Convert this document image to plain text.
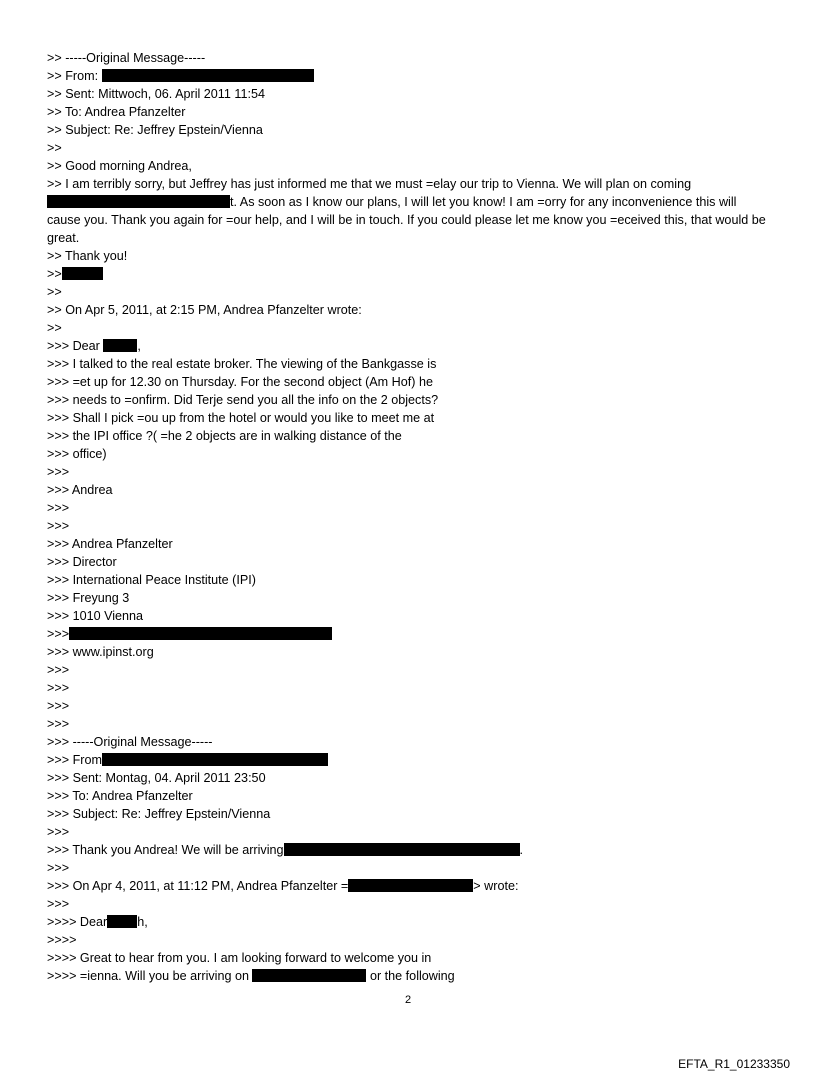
>> -----Original Message-----
>> From:
>> Sent: Mittwoch, 06. April 2011 11:54
>> To: Andrea Pfanzelter
>> Subject: Re: Jeffrey Epstein/Vienna
>>
>> Good morning Andrea,
>> I am terribly sorry, but Jeffrey has just informed me that we must =elay our trip to Vienna. We will plan on coming
t. As soon as I know our plans, I will let you know! I am =orry for any inconvenience this will cause you. Thank you again for =our help, and I will be in touch. If you could please let me know you =eceived this, that would be great.
>> Thank you!
>>
>>
>> On Apr 5, 2011, at 2:15 PM, Andrea Pfanzelter wrote:
>>
>>> Dear	,
>>> I talked to the real estate broker. The viewing of the Bankgasse is
>>> =et up for 12.30 on Thursday. For the second object (Am Hof) he
>>> needs to =onfirm. Did Terje send you all the info on the 2 objects?
>>> Shall I pick =ou up from the hotel or would you like to meet me at
>>> the IPI office ?( =he 2 objects are in walking distance of the
>>> office)
>>>
>>> Andrea
>>>
>>>
>>> Andrea Pfanzelter
>>> Director
>>> International Peace Institute (IPI)
>>> Freyung 3
>>> 1010 Vienna
>>>
>>> www.ipinst.org
>>>
>>>
>>>
>>>
>>> -----Original Message-----
>>> From
>>> Sent: Montag, 04. April 2011 23:50
>>> To: Andrea Pfanzelter
>>> Subject: Re: Jeffrey Epstein/Vienna
>>>
>>> Thank you Andrea! We will be arriving	.
>>>
>>> On Apr 4, 2011, at 11:12 PM, Andrea Pfanzelter =	> wrote:
>>>
>>>> Dear h,
>>>>
>>>> Great to hear from you. I am looking forward to welcome you in
>>>> =ienna. Will you be arriving on	or the following
2
EFTA_R1_01233350
